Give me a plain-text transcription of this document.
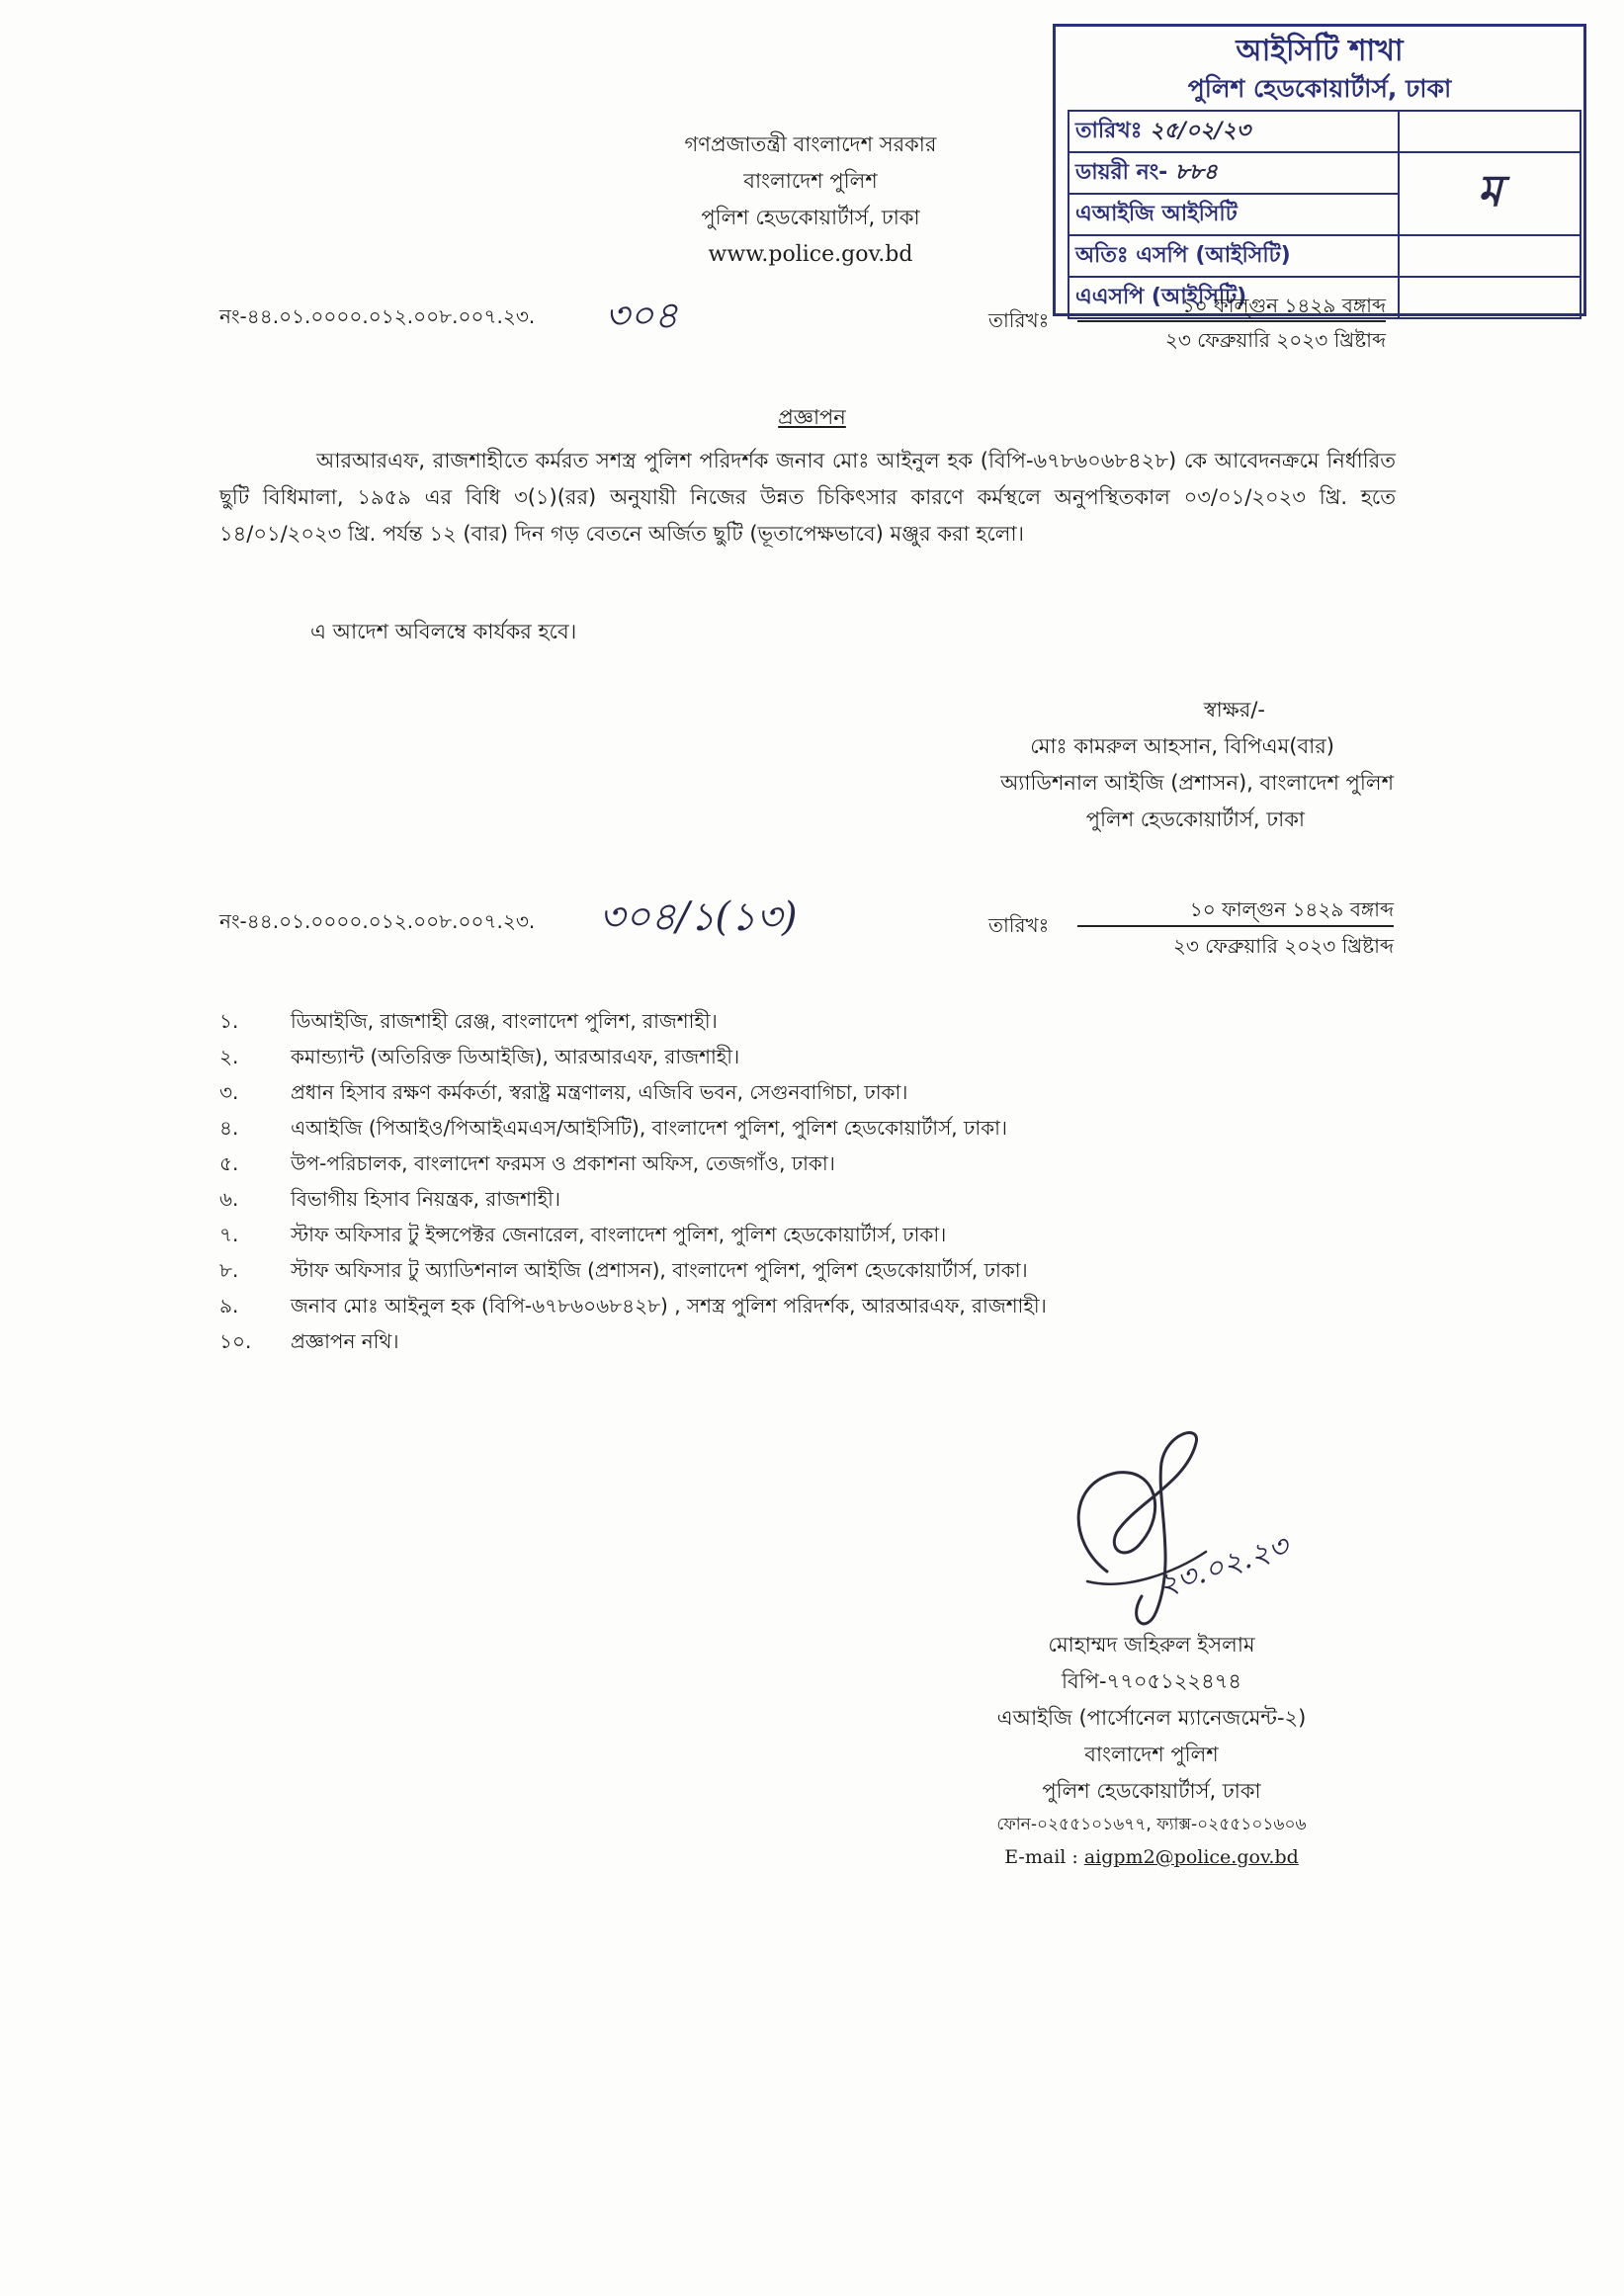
গণপ্রজাতন্ত্রী বাংলাদেশ সরকার
বাংলাদেশ পুলিশ
পুলিশ হেডকোয়ার্টার্স, ঢাকা
www.police.gov.bd
আইসিটি শাখা
পুলিশ হেডকোয়ার্টার্স, ঢাকা
তারিখঃ ২৫/০২/২৩	
ডায়রী নং- ৮৮৪	ম
এআইজি আইসিটি	
অতিঃ এসপি (আইসিটি)	
এএসপি (আইসিটি)	
নং-৪৪.০১.০০০০.০১২.০০৮.০০৭.২৩. ৩০৪	তারিখঃ
১০ ফাল্গুন ১৪২৯ বঙ্গাব্দ
২৩ ফেব্রুয়ারি ২০২৩ খ্রিষ্টাব্দ
প্রজ্ঞাপন
আরআরএফ, রাজশাহীতে কর্মরত সশস্ত্র পুলিশ পরিদর্শক জনাব মোঃ আইনুল হক (বিপি-৬৭৮৬০৬৮৪২৮) কে আবেদনক্রমে নির্ধারিত ছুটি বিধিমালা, ১৯৫৯ এর বিধি ৩(১)(রর) অনুযায়ী নিজের উন্নত চিকিৎসার কারণে কর্মস্থলে অনুপস্থিতকাল ০৩/০১/২০২৩ খ্রি. হতে ১৪/০১/২০২৩ খ্রি. পর্যন্ত ১২ (বার) দিন গড় বেতনে অর্জিত ছুটি (ভূতাপেক্ষভাবে) মঞ্জুর করা হলো।
এ আদেশ অবিলম্বে কার্যকর হবে।
স্বাক্ষর/-
মোঃ কামরুল আহসান, বিপিএম(বার)
অ্যাডিশনাল আইজি (প্রশাসন), বাংলাদেশ পুলিশ
পুলিশ হেডকোয়ার্টার্স, ঢাকা
নং-৪৪.০১.০০০০.০১২.০০৮.০০৭.২৩. ৩০৪/১(১৩)	তারিখঃ
১০ ফাল্গুন ১৪২৯ বঙ্গাব্দ
২৩ ফেব্রুয়ারি ২০২৩ খ্রিষ্টাব্দ
১.	ডিআইজি, রাজশাহী রেঞ্জ, বাংলাদেশ পুলিশ, রাজশাহী।
২.	কমান্ড্যান্ট (অতিরিক্ত ডিআইজি), আরআরএফ, রাজশাহী।
৩.	প্রধান হিসাব রক্ষণ কর্মকর্তা, স্বরাষ্ট্র মন্ত্রণালয়, এজিবি ভবন, সেগুনবাগিচা, ঢাকা।
৪.	এআইজি (পিআইও/পিআইএমএস/আইসিটি), বাংলাদেশ পুলিশ, পুলিশ হেডকোয়ার্টার্স, ঢাকা।
৫.	উপ-পরিচালক, বাংলাদেশ ফরমস ও প্রকাশনা অফিস, তেজগাঁও, ঢাকা।
৬.	বিভাগীয় হিসাব নিয়ন্ত্রক, রাজশাহী।
৭.	স্টাফ অফিসার টু ইন্সপেক্টর জেনারেল, বাংলাদেশ পুলিশ, পুলিশ হেডকোয়ার্টার্স, ঢাকা।
৮.	স্টাফ অফিসার টু অ্যাডিশনাল আইজি (প্রশাসন), বাংলাদেশ পুলিশ, পুলিশ হেডকোয়ার্টার্স, ঢাকা।
৯.	জনাব মোঃ আইনুল হক (বিপি-৬৭৮৬০৬৮৪২৮) , সশস্ত্র পুলিশ পরিদর্শক, আরআরএফ, রাজশাহী।
১০. প্রজ্ঞাপন নথি।
২৩.০২.২৩
মোহাম্মদ জহিরুল ইসলাম
বিপি-৭৭০৫১২২৪৭৪
এআইজি (পার্সোনেল ম্যানেজমেন্ট-২)
বাংলাদেশ পুলিশ
পুলিশ হেডকোয়ার্টার্স, ঢাকা
ফোন-০২৫৫১০১৬৭৭, ফ্যাক্স-০২৫৫১০১৬০৬
E-mail : aigpm2@police.gov.bd
